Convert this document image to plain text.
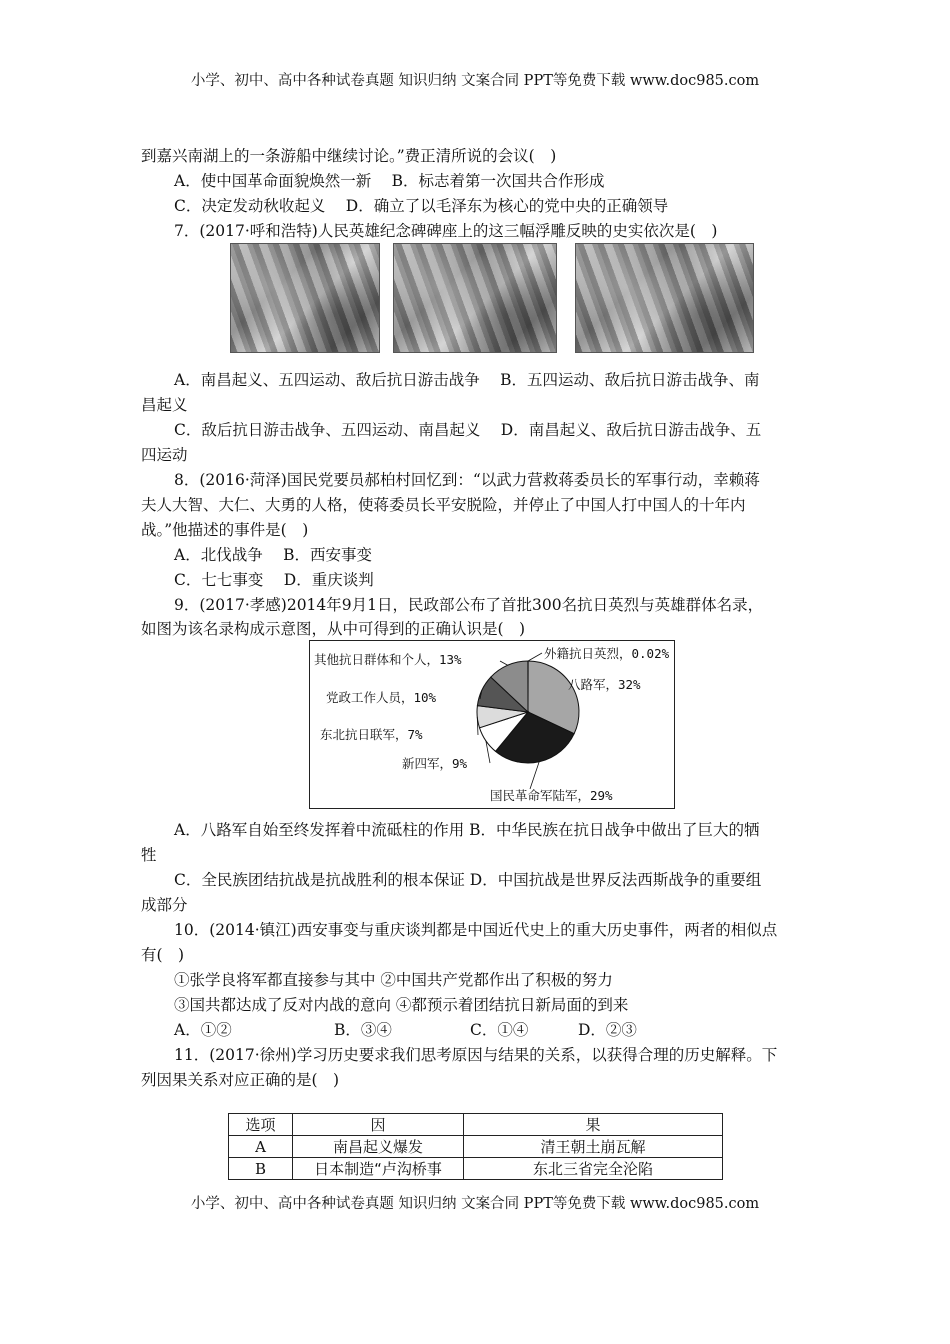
小学、初中、高中各种试卷真题 知识归纳 文案合同 PPT等免费下载 www.doc985.com
到嘉兴南湖上的一条游船中继续讨论。”费正清所说的会议(　)
A．使中国革命面貌焕然一新　 B．标志着第一次国共合作形成
C．决定发动秋收起义　 D．确立了以毛泽东为核心的党中央的正确领导
7．(2017·呼和浩特)人民英雄纪念碑碑座上的这三幅浮雕反映的史实依次是(　)
A．南昌起义、五四运动、敌后抗日游击战争　 B．五四运动、敌后抗日游击战争、南
昌起义
C．敌后抗日游击战争、五四运动、南昌起义　 D．南昌起义、敌后抗日游击战争、五
四运动
8．(2016·菏泽)国民党要员郝柏村回忆到：“以武力营救蒋委员长的军事行动，幸赖蒋
夫人大智、大仁、大勇的人格，使蒋委员长平安脱险，并停止了中国人打中国人的十年内
战。”他描述的事件是(　)
A．北伐战争　 B．西安事变
C．七七事变　 D．重庆谈判
9．(2017·孝感)2014年9月1日，民政部公布了首批300名抗日英烈与英雄群体名录，
如图为该名录构成示意图，从中可得到的正确认识是(　)
八路军，32%
国民革命军陆军，29%
新四军，9%
东北抗日联军，7%
党政工作人员，10%
其他抗日群体和个人，13%	外籍抗日英烈，0.02%
A．八路军自始至终发挥着中流砥柱的作用 B．中华民族在抗日战争中做出了巨大的牺
牲
C．全民族团结抗战是抗战胜利的根本保证 D．中国抗战是世界反法西斯战争的重要组
成部分
10．(2014·镇江)西安事变与重庆谈判都是中国近代史上的重大历史事件，两者的相似点
有(　)
①张学良将军都直接参与其中 ②中国共产党都作出了积极的努力
③国共都达成了反对内战的意向 ④都预示着团结抗日新局面的到来
A．①②	B．③④	C．①④	D．②③
11．(2017·徐州)学习历史要求我们思考原因与结果的关系，以获得合理的历史解释。下
列因果关系对应正确的是(　)
选项	因	果
A	南昌起义爆发	清王朝土崩瓦解
B	日本制造“卢沟桥事	东北三省完全沦陷
小学、初中、高中各种试卷真题 知识归纳 文案合同 PPT等免费下载 www.doc985.com
